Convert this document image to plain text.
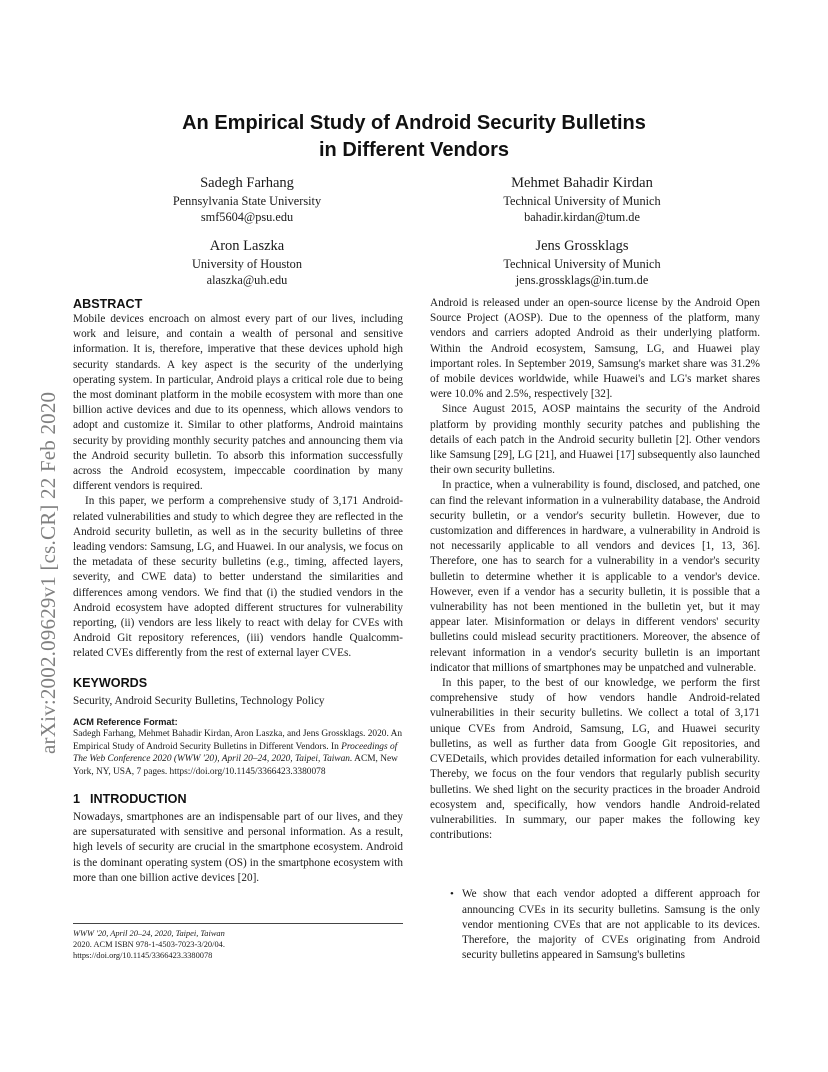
arXiv:2002.09629v1 [cs.CR] 22 Feb 2020
An Empirical Study of Android Security Bulletins
in Different Vendors
Sadegh Farhang
Pennsylvania State University
smf5604@psu.edu
Mehmet Bahadir Kirdan
Technical University of Munich
bahadir.kirdan@tum.de
Aron Laszka
University of Houston
alaszka@uh.edu
Jens Grossklags
Technical University of Munich
jens.grossklags@in.tum.de
ABSTRACT

Mobile devices encroach on almost every part of our lives, including work and leisure, and contain a wealth of personal and sensitive information. It is, therefore, imperative that these devices uphold high security standards. A key aspect is the security of the underlying operating system. In particular, Android plays a critical role due to being the most dominant platform in the mobile ecosystem with more than one billion active devices and due to its openness, which allows vendors to adopt and customize it. Similar to other platforms, Android maintains security by providing monthly security patches and announcing them via the Android security bulletin. To absorb this information successfully across the Android ecosystem, impeccable coordination by many different vendors is required.

In this paper, we perform a comprehensive study of 3,171 Android-related vulnerabilities and study to which degree they are reflected in the Android security bulletin, as well as in the security bulletins of three leading vendors: Samsung, LG, and Huawei. In our analysis, we focus on the metadata of these security bulletins (e.g., timing, affected layers, severity, and CWE data) to better understand the similarities and differences among vendors. We find that (i) the studied vendors in the Android ecosystem have adopted different structures for vulnerability reporting, (ii) vendors are less likely to react with delay for CVEs with Android Git repository references, (iii) vendors handle Qualcomm-related CVEs differently from the rest of external layer CVEs.

KEYWORDS

Security, Android Security Bulletins, Technology Policy

ACM Reference Format:

Sadegh Farhang, Mehmet Bahadir Kirdan, Aron Laszka, and Jens Grossklags. 2020. An Empirical Study of Android Security Bulletins in Different Vendors. In Proceedings of The Web Conference 2020 (WWW '20), April 20–24, 2020, Taipei, Taiwan. ACM, New York, NY, USA, 7 pages. https://doi.org/10.1145/3366423.3380078

1 INTRODUCTION

Nowadays, smartphones are an indispensable part of our lives, and they are supersaturated with sensitive and personal information. As a result, high levels of security are crucial in the smartphone ecosystem. Android is the dominant operating system (OS) in the smartphone ecosystem with more than one billion active devices [20].

WWW '20, April 20–24, 2020, Taipei, Taiwan
2020. ACM ISBN 978-1-4503-7023-3/20/04.
https://doi.org/10.1145/3366423.3380078

Android is released under an open-source license by the Android Open Source Project (AOSP). Due to the openness of the platform, many vendors and carriers adopted Android as their underlying platform. Within the Android ecosystem, Samsung, LG, and Huawei play important roles. In September 2019, Samsung's market share was 31.2% of mobile devices worldwide, while Huawei's and LG's market shares were 10.0% and 2.5%, respectively [32].

Since August 2015, AOSP maintains the security of the Android platform by providing monthly security patches and publishing the details of each patch in the Android security bulletin [2]. Other vendors like Samsung [29], LG [21], and Huawei [17] subsequently also launched their own security bulletins.

In practice, when a vulnerability is found, disclosed, and patched, one can find the relevant information in a vulnerability database, the Android security bulletin, or a vendor's security bulletin. However, due to customization and differences in hardware, a vulnerability in Android is not necessarily applicable to all vendors and devices [1, 13, 36]. Therefore, one has to search for a vulnerability in a vendor's security bulletin to determine whether it is applicable to a vendor's device. However, even if a vendor has a security bulletin, it is possible that a vulnerability has not been mentioned in the bulletin yet, but it may appear later. Misinformation or delays in different vendors' security bulletins could mislead security practitioners. Moreover, the absence of relevant information in a vendor's security bulletin is an important indicator that millions of smartphones may be unpatched and vulnerable.

In this paper, to the best of our knowledge, we perform the first comprehensive study of how vendors handle Android-related vulnerabilities in their security bulletins. We collect a total of 3,171 unique CVEs from Android, Samsung, LG, and Huawei security bulletins, as well as further data from Google Git repositories, and CVEDetails, which provides detailed information for each vulnerability. Thereby, we focus on the four vendors that regularly publish security bulletins. We shed light on the security practices in the broader Android ecosystem and, specifically, how vendors handle Android-related vulnerabilities. In summary, our paper makes the following key contributions:

• We show that each vendor adopted a different approach for announcing CVEs in its security bulletins. Samsung is the only vendor mentioning CVEs that are not applicable to its devices. Therefore, the majority of CVEs originating from Android security bulletins appeared in Samsung's bulletins
